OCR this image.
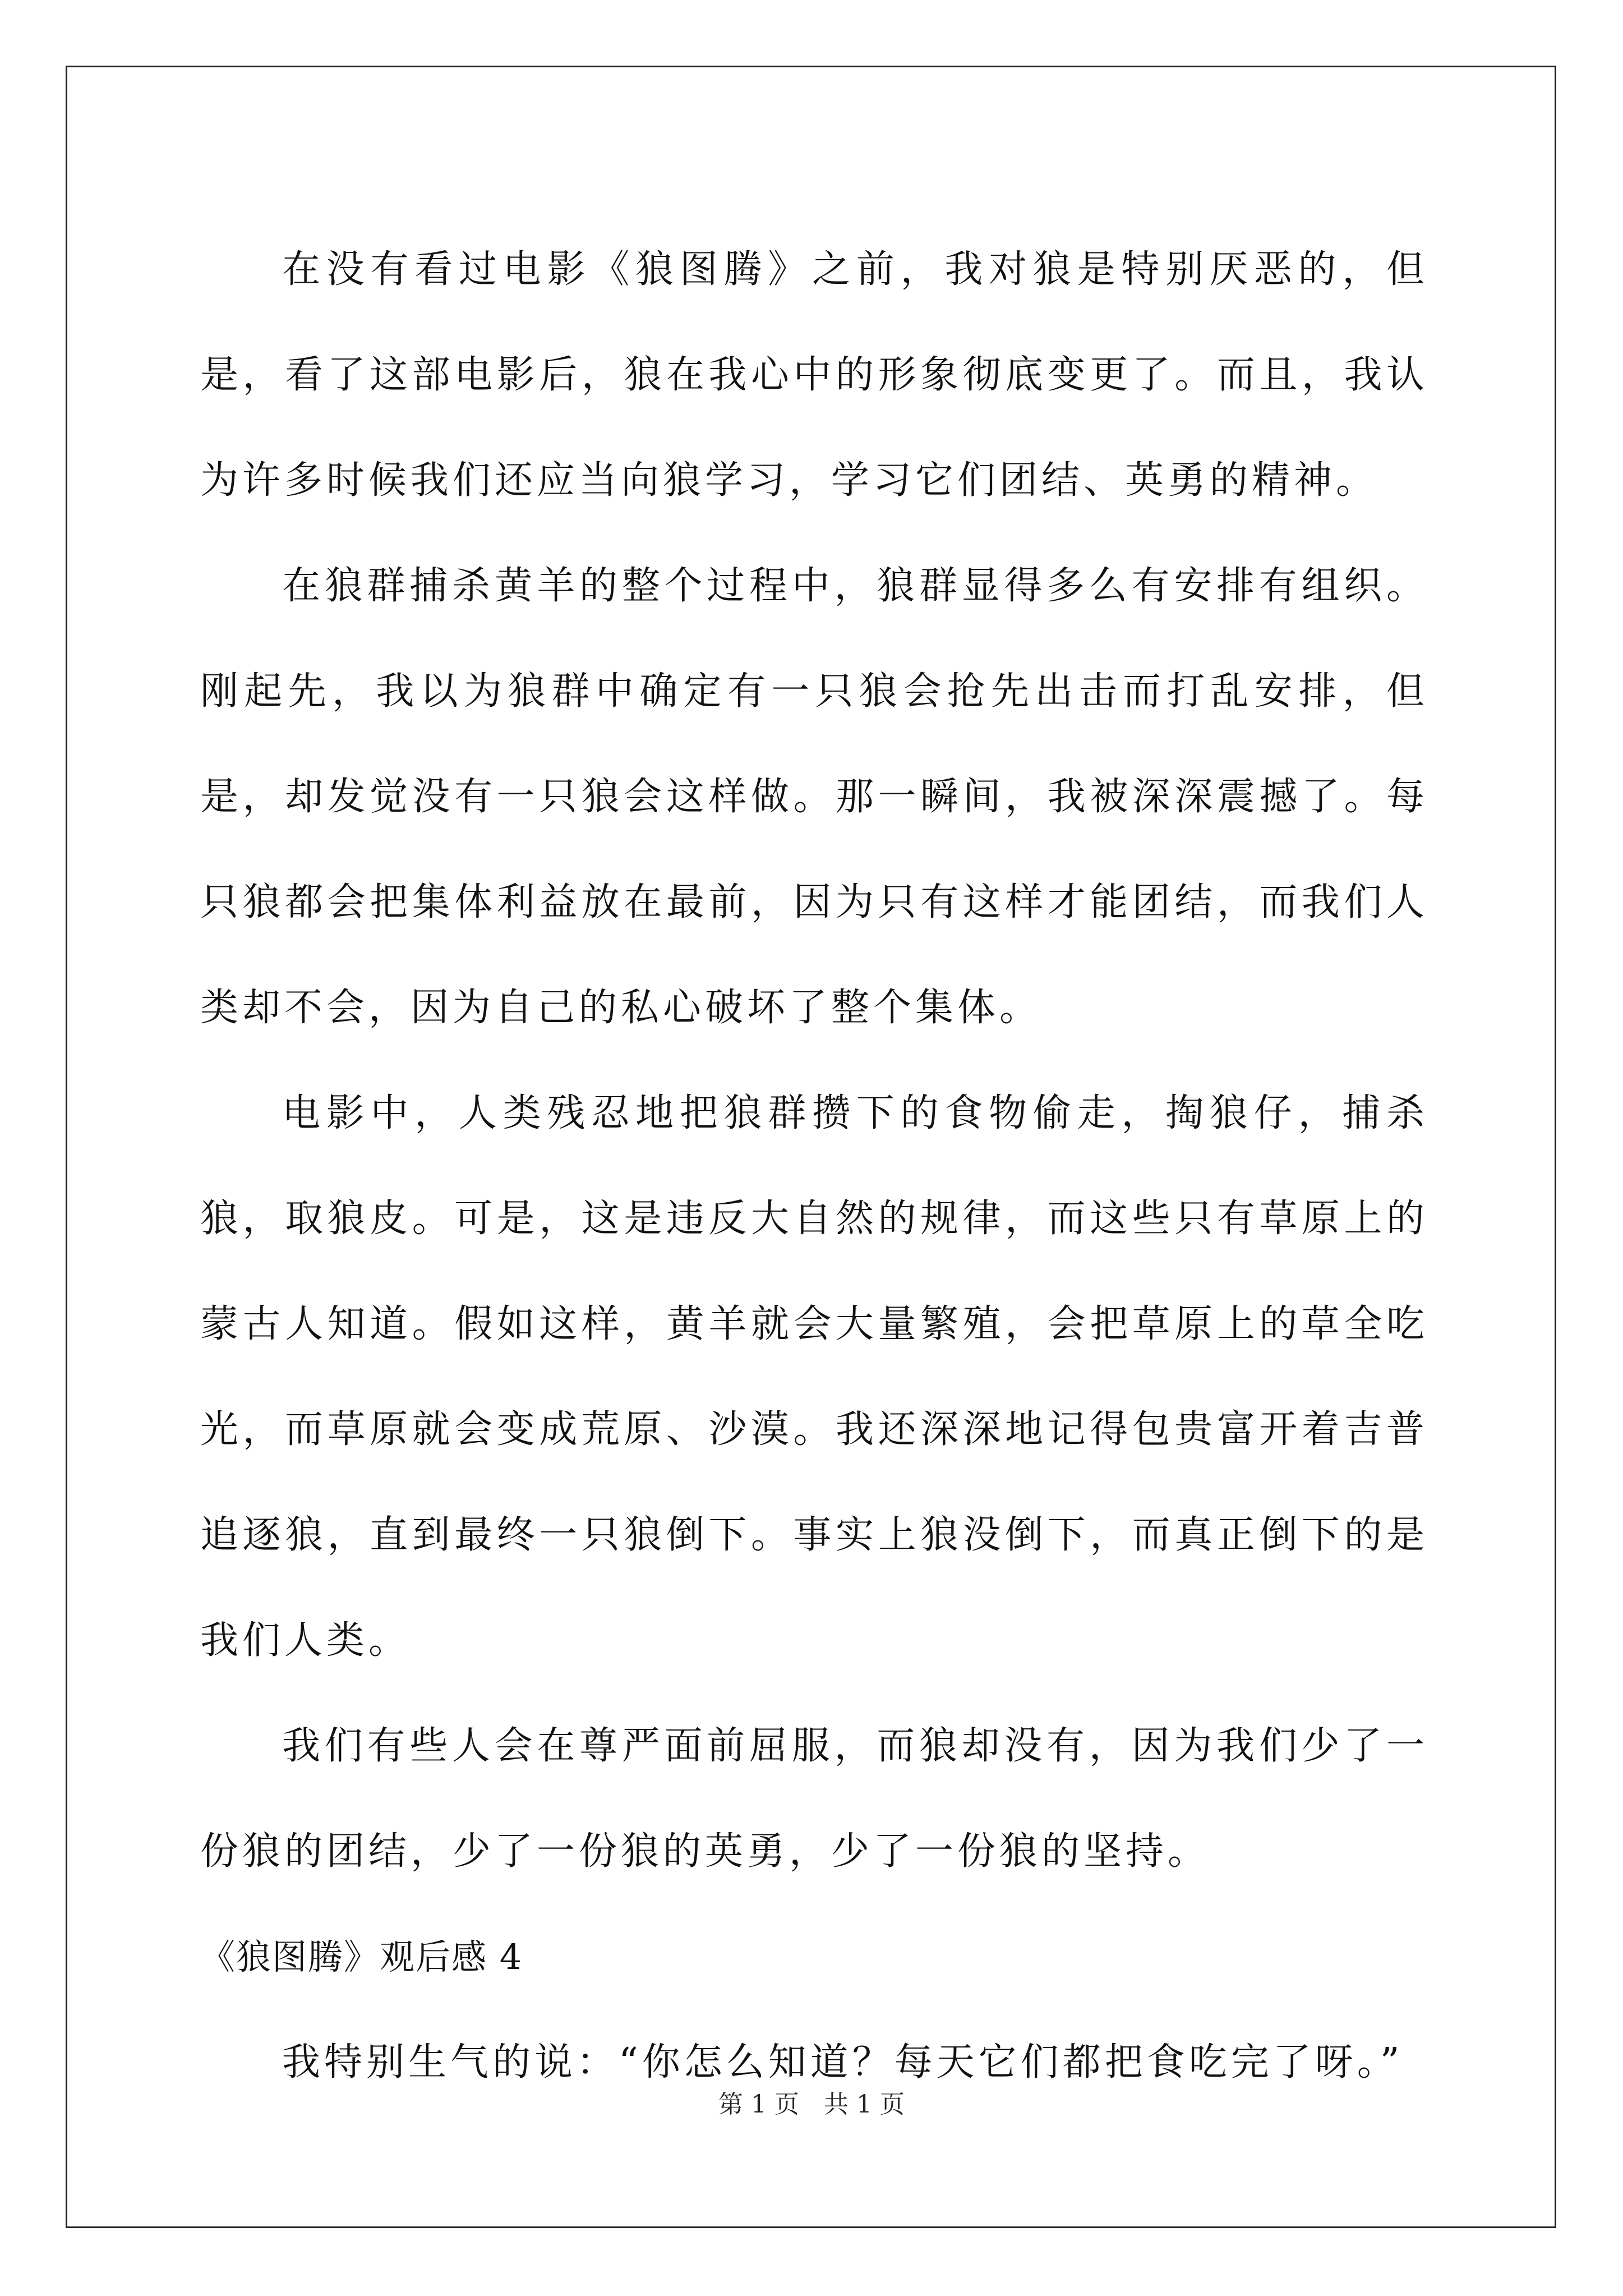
在没有看过电影《狼图腾》之前，我对狼是特别厌恶的，但是，看了这部电影后，狼在我心中的形象彻底变更了。而且，我认为许多时候我们还应当向狼学习，学习它们团结、英勇的精神。

在狼群捕杀黄羊的整个过程中，狼群显得多么有安排有组织。刚起先，我以为狼群中确定有一只狼会抢先出击而打乱安排，但是，却发觉没有一只狼会这样做。那一瞬间，我被深深震撼了。每只狼都会把集体利益放在最前，因为只有这样才能团结，而我们人类却不会，因为自己的私心破坏了整个集体。

电影中，人类残忍地把狼群攒下的食物偷走，掏狼仔，捕杀狼，取狼皮。可是，这是违反大自然的规律，而这些只有草原上的蒙古人知道。假如这样，黄羊就会大量繁殖，会把草原上的草全吃光，而草原就会变成荒原、沙漠。我还深深地记得包贵富开着吉普追逐狼，直到最终一只狼倒下。事实上狼没倒下，而真正倒下的是我们人类。

我们有些人会在尊严面前屈服，而狼却没有，因为我们少了一份狼的团结，少了一份狼的英勇，少了一份狼的坚持。

《狼图腾》观后感 4

我特别生气的说：“你怎么知道？每天它们都把食吃完了呀。”

第 1 页　共 1 页
